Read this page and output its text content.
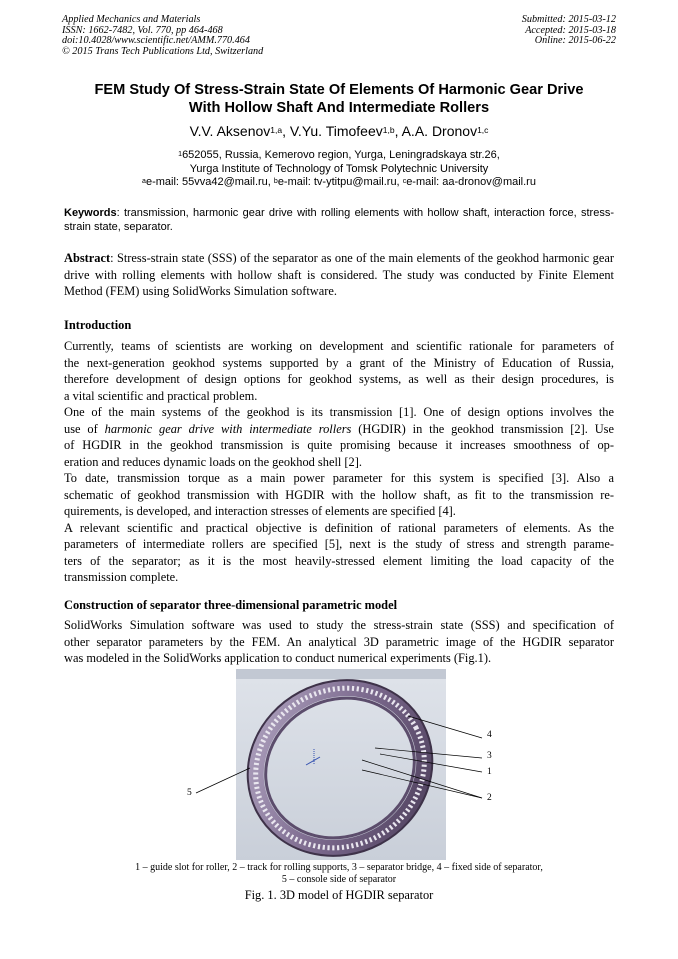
Applied Mechanics and Materials
ISSN: 1662-7482, Vol. 770, pp 464-468
doi:10.4028/www.scientific.net/AMM.770.464
© 2015 Trans Tech Publications Ltd, Switzerland
Submitted: 2015-03-12
Accepted: 2015-03-18
Online: 2015-06-22
FEM Study Of Stress-Strain State Of Elements Of Harmonic Gear Drive
With Hollow Shaft And Intermediate Rollers
V.V. Aksenov$^{1,a}$, V.Yu. Timofeev$^{1,b}$, A.A. Dronov$^{1,c}$
$^1$652055, Russia, Kemerovo region, Yurga, Leningradskaya str.26,
Yurga Institute of Technology of Tomsk Polytechnic University
$^a$e-mail: 55vva42@mail.ru, $^b$e-mail: tv-ytitpu@mail.ru, $^c$e-mail: aa-dronov@mail.ru
Keywords: transmission, harmonic gear drive with rolling elements with hollow shaft, interaction force, stress-strain state, separator.
Abstract: Stress-strain state (SSS) of the separator as one of the main elements of the geokhod harmonic gear drive with rolling elements with hollow shaft is considered. The study was conducted by Finite Element Method (FEM) using SolidWorks Simulation software.
Introduction
Currently, teams of scientists are working on development and scientific rationale for parameters of
the next-generation geokhod systems supported by a grant of the Ministry of Education of Russia,
therefore development of design options for geokhod systems, as well as their design procedures, is
a vital scientific and practical problem.
One of the main systems of the geokhod is its transmission [1]. One of design options involves the
use of harmonic gear drive with intermediate rollers (HGDIR) in the geokhod transmission [2]. Use
of HGDIR in the geokhod transmission is quite promising because it increases smoothness of op-
eration and reduces dynamic loads on the geokhod shell [2].
To date, transmission torque as a main power parameter for this system is specified [3]. Also a
schematic of geokhod transmission with HGDIR with the hollow shaft, as fit to the transmission re-
quirements, is developed, and interaction stresses of elements are specified [4].
A relevant scientific and practical objective is definition of rational parameters of elements. As the
parameters of intermediate rollers are specified [5], next is the study of stress and strength parame-
ters of the separator; as it is the most heavily-stressed element limiting the load capacity of the
transmission complete.
Construction of separator three-dimensional parametric model
SolidWorks Simulation software was used to study the stress-strain state (SSS) and specification of
other separator parameters by the FEM. An analytical 3D parametric image of the HGDIR separator
was modeled in the SolidWorks application to conduct numerical experiments (Fig.1).
4
3
1
2
5
1 – guide slot for roller, 2 – track for rolling supports, 3 – separator bridge, 4 – fixed side of separator,
5 – console side of separator
Fig. 1. 3D model of HGDIR separator
